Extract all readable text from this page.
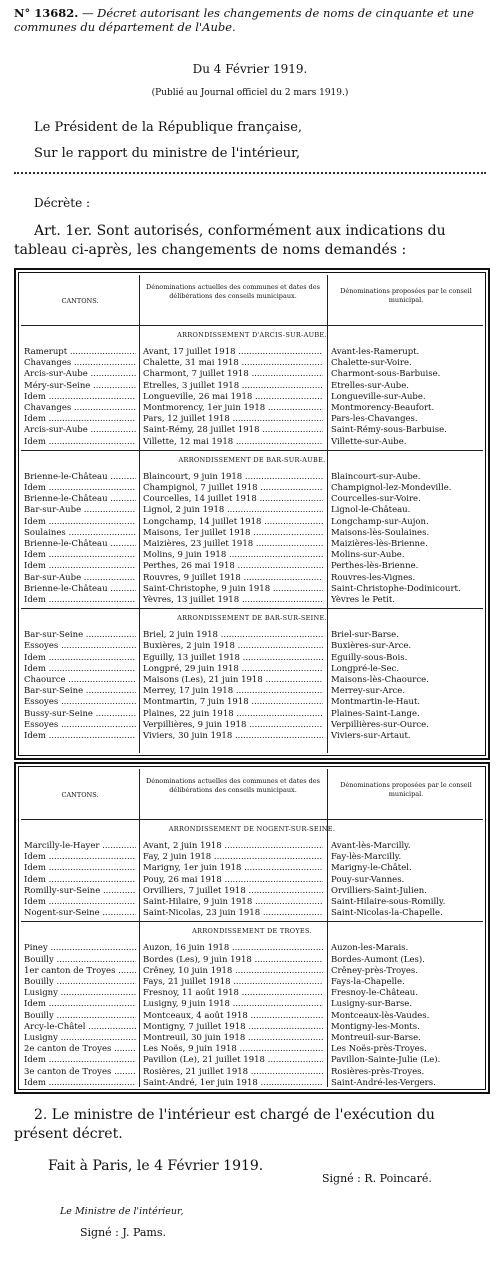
N° 13682. — Décret autorisant les changements de noms de cinquante et une communes du département de l'Aube.
Du 4 Février 1919.
(Publié au Journal officiel du 2 mars 1919.)
Le Président de la République française,
Sur le rapport du ministre de l'intérieur,
Décrète :
Art. 1er. Sont autorisés, conformément aux indications du tableau ci-après, les changements de noms demandés :
CANTONS.
Dénominations actuelles des communes et dates des délibérations des conseils municipaux.
Dénominations proposées par le conseil municipal.
ARRONDISSEMENT D'ARCIS-SUR-AUBE.
Ramerupt .....	Avant, 17 juillet 1918 .....	Avant-les-Ramerupt.
Chavanges .....	Chalette, 31 mai 1918 .....	Chalette-sur-Voire.
Arcis-sur-Aube .....	Charmont, 7 juillet 1918 .....	Charmont-sous-Barbuise.
Méry-sur-Seine .....	Étrelles, 3 juillet 1918 .....	Étrelles-sur-Aube.
Idem .....	Longueville, 26 mai 1918 .....	Longueville-sur-Aube.
Chavanges .....	Montmorency, 1er juin 1918 .....	Montmorency-Beaufort.
Idem .....	Pars, 12 juillet 1918 .....	Pars-les-Chavanges.
Arcis-sur-Aube .....	Saint-Rémy, 28 juillet 1918 .....	Saint-Rémy-sous-Barbuise.
Idem .....	Villette, 12 mai 1918 .....	Villette-sur-Aube.
ARRONDISSEMENT DE BAR-SUR-AUBE.
Brienne-le-Château .....	Blaincourt, 9 juin 1918 .....	Blaincourt-sur-Aube.
Idem .....	Champignol, 7 juillet 1918 .....	Champignol-lez-Mondeville.
Brienne-le-Château .....	Courcelles, 14 juillet 1918 .....	Courcelles-sur-Voire.
Bar-sur-Aube .....	Lignol, 2 juin 1918 .....	Lignol-le-Château.
Idem .....	Longchamp, 14 juillet 1918 .....	Longchamp-sur-Aujon.
Soulaines .....	Maisons, 1er juillet 1918 .....	Maisons-lès-Soulaines.
Brienne-le-Château .....	Maizières, 23 juillet 1918 .....	Maizières-lès-Brienne.
Idem .....	Molins, 9 juin 1918 .....	Molins-sur-Aube.
Idem .....	Perthes, 26 mai 1918 .....	Perthes-lès-Brienne.
Bar-sur-Aube .....	Rouvres, 9 juillet 1918 .....	Rouvres-les-Vignes.
Brienne-le-Château .....	Saint-Christophe, 9 juin 1918 .....	Saint-Christophe-Dodinicourt.
Idem .....	Yèvres, 13 juillet 1918 .....	Yèvres le Petit.
ARRONDISSEMENT DE BAR-SUR-SEINE.
Bar-sur-Seine .....	Briel, 2 juin 1918 .....	Briel-sur-Barse.
Essoyes .....	Buxières, 2 juin 1918 .....	Buxières-sur-Arce.
Idem .....	Eguilly, 13 juillet 1918 .....	Eguilly-sous-Bois.
Idem .....	Longpré, 29 juin 1918 .....	Longpré-le-Sec.
Chaource .....	Maisons (Les), 21 juin 1918 .....	Maisons-lès-Chaource.
Bar-sur-Seine .....	Merrey, 17 juin 1918 .....	Merrey-sur-Arce.
Essoyes .....	Montmartin, 7 juin 1918 .....	Montmartin-le-Haut.
Bussy-sur-Seine .....	Plaines, 22 juin 1918 .....	Plaines-Saint-Lange.
Essoyes .....	Verpillières, 9 juin 1918 .....	Verpillières-sur-Ource.
Idem .....	Viviers, 30 juin 1918 .....	Viviers-sur-Artaut.
CANTONS.
Dénominations actuelles des communes et dates des délibérations des conseils municipaux.
Dénominations proposées par le conseil municipal.
ARRONDISSEMENT DE NOGENT-SUR-SEINE.
Marcilly-le-Hayer .....	Avant, 2 juin 1918 .....	Avant-lès-Marcilly.
Idem .....	Fay, 2 juin 1918 .....	Fay-lès-Marcilly.
Idem .....	Marigny, 1er juin 1918 .....	Marigny-le-Châtel.
Idem .....	Pouy, 26 mai 1918 .....	Pouy-sur-Vannes.
Romilly-sur-Seine .....	Orvilliers, 7 juillet 1918 .....	Orvilliers-Saint-Julien.
Idem .....	Saint-Hilaire, 9 juin 1918 .....	Saint-Hilaire-sous-Romilly.
Nogent-sur-Seine .....	Saint-Nicolas, 23 juin 1918 .....	Saint-Nicolas-la-Chapelle.
ARRONDISSEMENT DE TROYES.
Piney .....	Auzon, 16 juin 1918 .....	Auzon-les-Marais.
Bouilly .....	Bordes (Les), 9 juin 1918 .....	Bordes-Aumont (Les).
1er canton de Troyes .....	Crêney, 10 juin 1918 .....	Crêney-près-Troyes.
Bouilly .....	Fays, 21 juillet 1918 .....	Fays-la-Chapelle.
Lusigny .....	Fresnoy, 11 août 1918 .....	Fresnoy-le-Château.
Idem .....	Lusigny, 9 juin 1918 .....	Lusigny-sur-Barse.
Bouilly .....	Montceaux, 4 août 1918 .....	Montceaux-lès-Vaudes.
Arcy-le-Châtel .....	Montigny, 7 juillet 1918 .....	Montigny-les-Monts.
Lusigny .....	Montreuil, 30 juin 1918 .....	Montreuil-sur-Barse.
2e canton de Troyes .....	Les Noës, 9 juin 1918 .....	Les Noës-près-Troyes.
Idem .....	Pavillon (Le), 21 juillet 1918 .....	Pavillon-Sainte-Julie (Le).
3e canton de Troyes .....	Rosières, 21 juillet 1918 .....	Rosières-près-Troyes.
Idem .....	Saint-André, 1er juin 1918 .....	Saint-André-les-Vergers.
2. Le ministre de l'intérieur est chargé de l'exécution du présent décret.
Fait à Paris, le 4 Février 1919.
Signé : R. Poincaré.
Le Ministre de l'intérieur,
Signé : J. Pams.
